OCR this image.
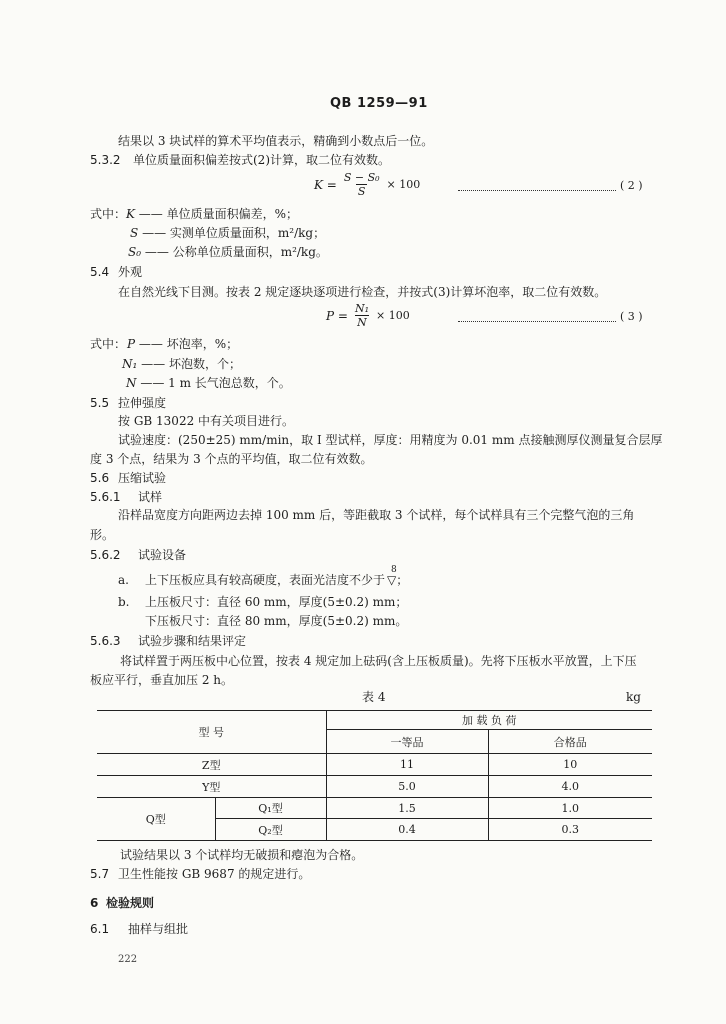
QB 1259—91
结果以 3 块试样的算术平均值表示，精确到小数点后一位。
5.3.2 单位质量面积偏差按式(2)计算，取二位有效数。
$K = \frac{\text{S − S₀}}{S} \times 100$	( 2 )
式中： K —— 单位质量面积偏差，%；
S —— 实测单位质量面积，m²/kg；
S₀ —— 公称单位质量面积，m²/kg。
5.4 外观
在自然光线下目测。按表 2 规定逐块逐项进行检查，并按式(3)计算坏泡率，取二位有效数。
$P = \frac{\text{N₁}}{N} \times 100$	( 3 )
式中： P —— 坏泡率，%；
N₁ —— 坏泡数，个；
N —— 1 m 长气泡总数，个。
5.5 拉伸强度
按 GB 13022 中有关项目进行。
试验速度：(250±25) mm/min，取 I 型试样，厚度：用精度为 0.01 mm 点接触测厚仪测量复合层厚
度 3 个点，结果为 3 个点的平均值，取二位有效数。
5.6 压缩试验
5.6.1 试样
沿样品宽度方向距两边去掉 100 mm 后，等距截取 3 个试样，每个试样具有三个完整气泡的三角
形。
5.6.2 试验设备
a. 上下压板应具有较高硬度，表面光洁度不少于
8
▽；
b. 上压板尺寸：直径 60 mm，厚度(5±0.2) mm；
下压板尺寸：直径 80 mm，厚度(5±0.2) mm。
5.6.3 试验步骤和结果评定
将试样置于两压板中心位置，按表 4 规定加上砝码(含上压板质量)。先将下压板水平放置，上下压
板应平行，垂直加压 2 h。
表 4	kg
型 号		加 载 负 荷	
		一等品	合格品
Z型		11	10
Y型		5.0	4.0
Q型	Q₁型	1.5	1.0
	Q₂型	0.4	0.3
试验结果以 3 个试样均无破损和瘪泡为合格。
5.7 卫生性能按 GB 9687 的规定进行。
6 检验规则
6.1 抽样与组批
222
